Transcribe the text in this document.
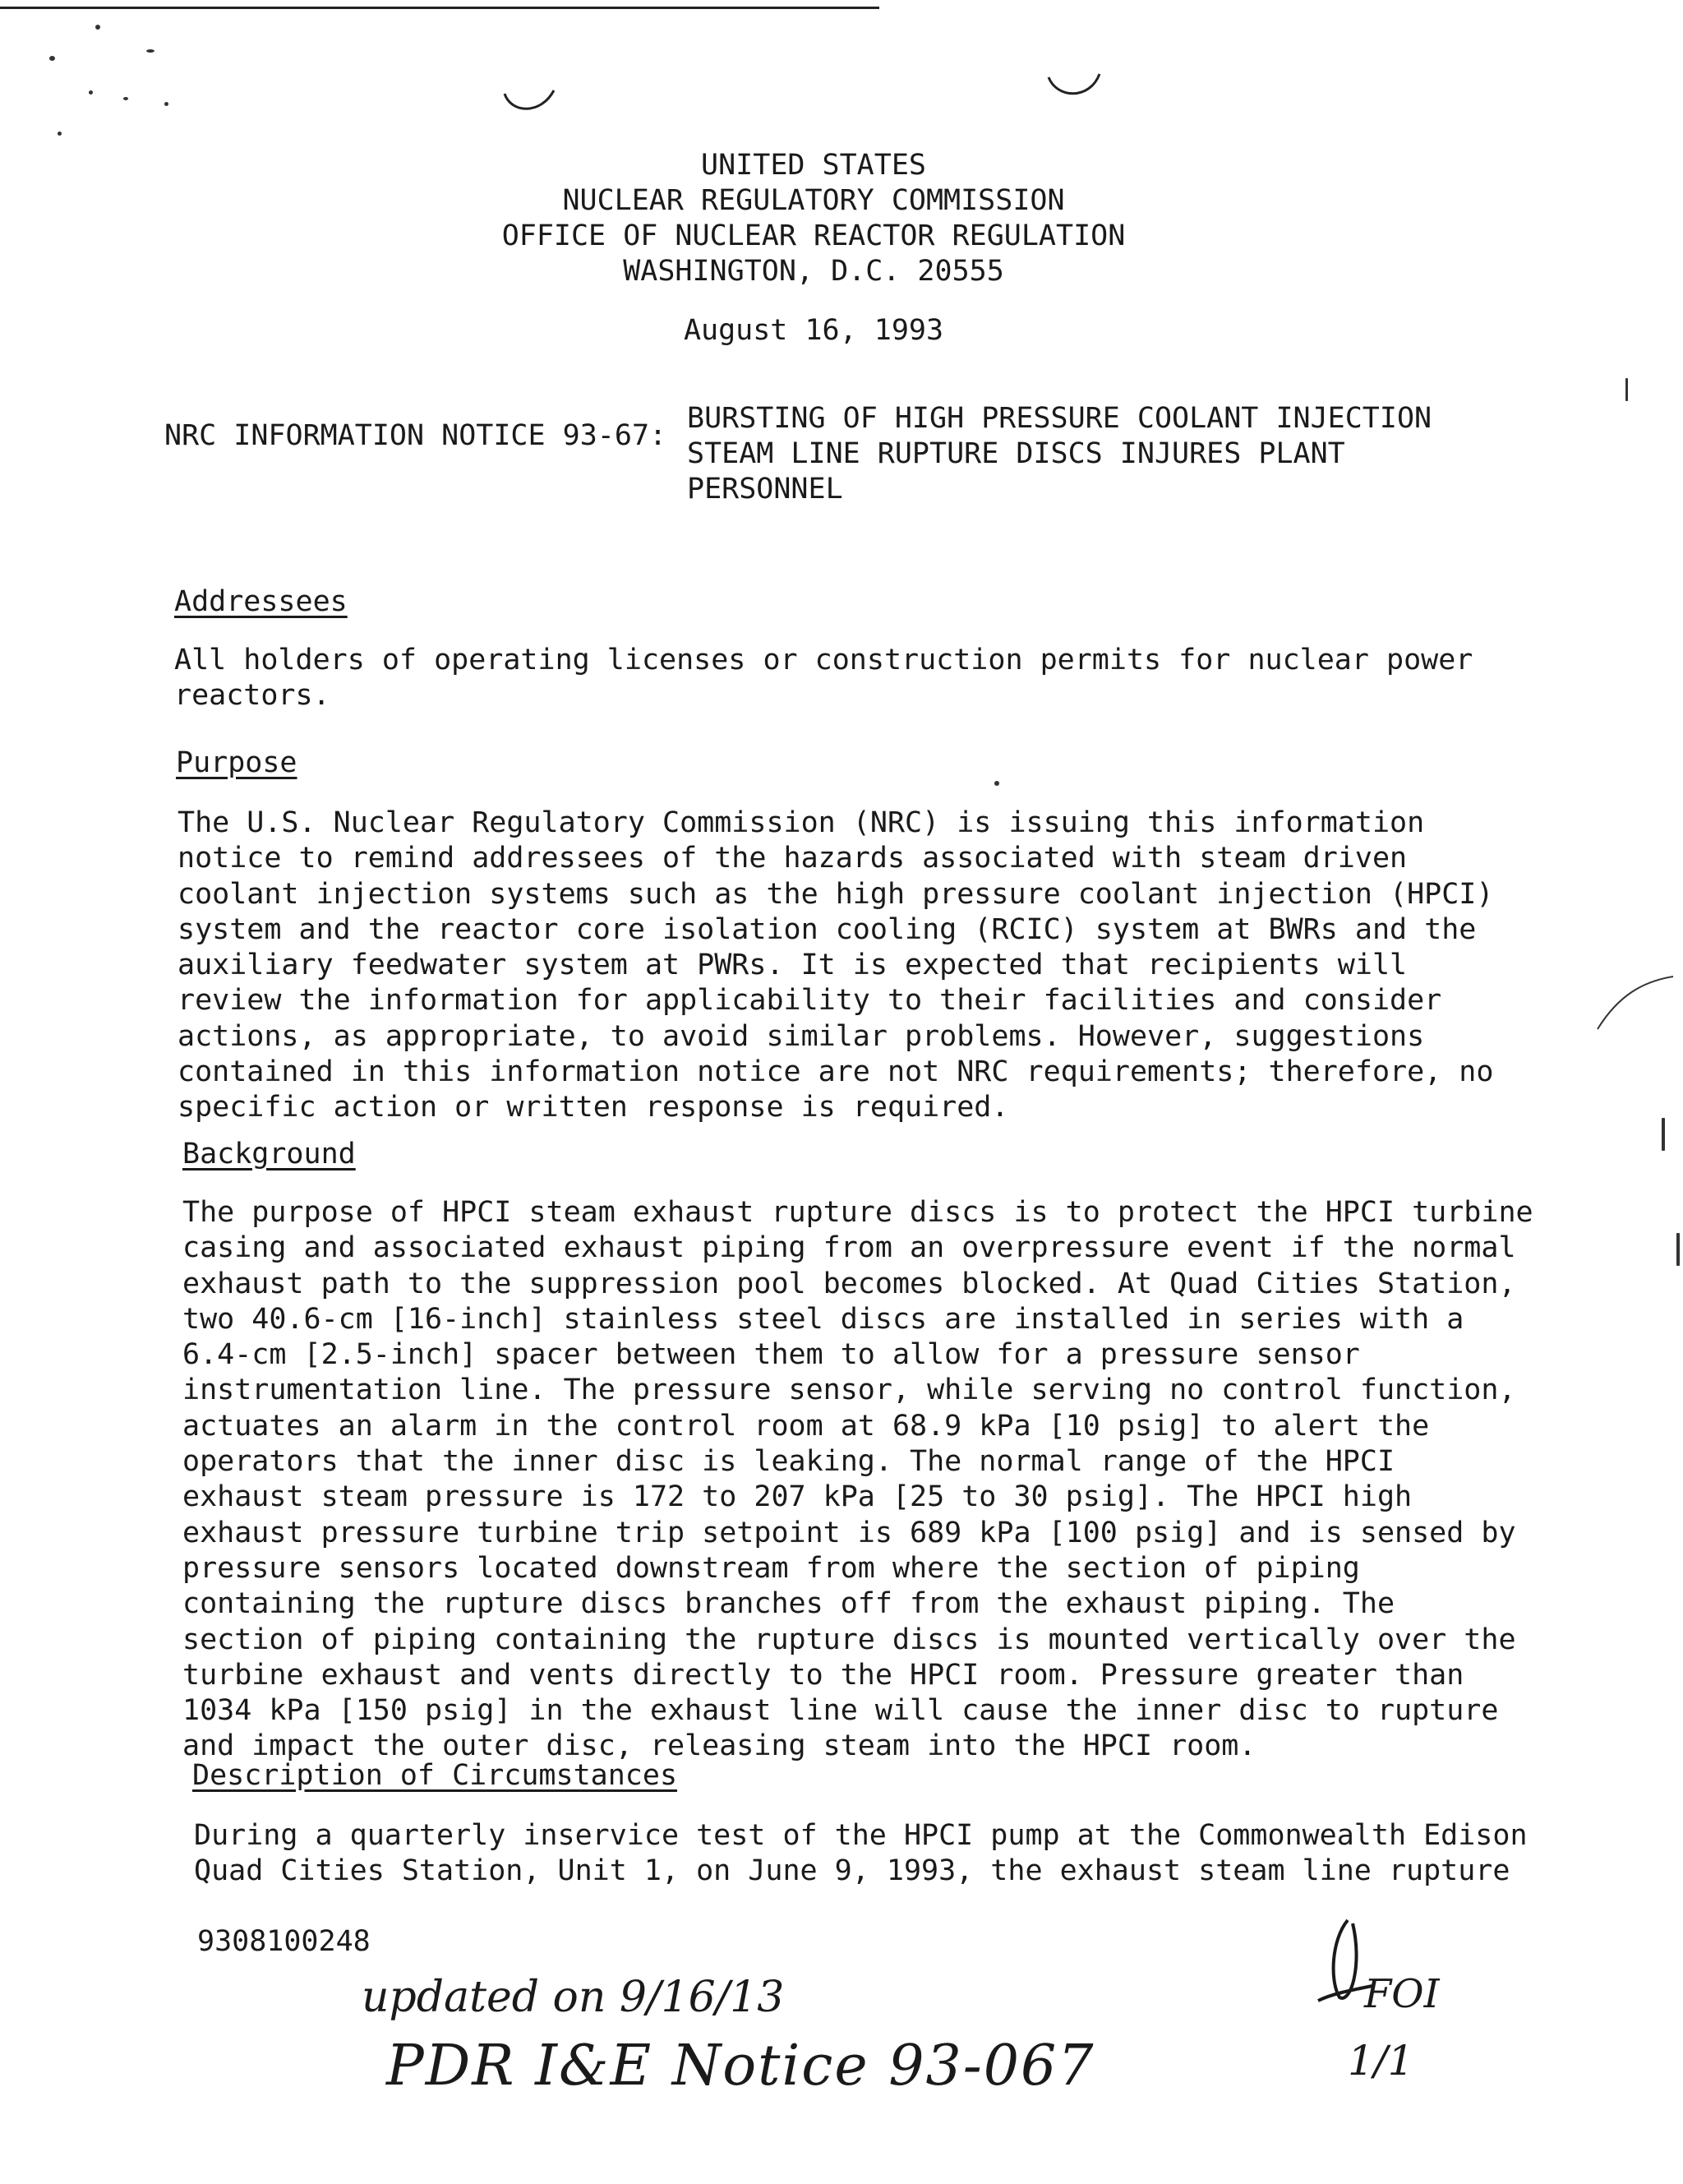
UNITED STATES
NUCLEAR REGULATORY COMMISSION
OFFICE OF NUCLEAR REACTOR REGULATION
WASHINGTON, D.C. 20555
August 16, 1993
NRC INFORMATION NOTICE 93-67:
BURSTING OF HIGH PRESSURE COOLANT INJECTION
STEAM LINE RUPTURE DISCS INJURES PLANT
PERSONNEL
Addressees
All holders of operating licenses or construction permits for nuclear power
reactors.
Purpose
The U.S. Nuclear Regulatory Commission (NRC) is issuing this information
notice to remind addressees of the hazards associated with steam driven
coolant injection systems such as the high pressure coolant injection (HPCI)
system and the reactor core isolation cooling (RCIC) system at BWRs and the
auxiliary feedwater system at PWRs. It is expected that recipients will
review the information for applicability to their facilities and consider
actions, as appropriate, to avoid similar problems. However, suggestions
contained in this information notice are not NRC requirements; therefore, no
specific action or written response is required.
Background
The purpose of HPCI steam exhaust rupture discs is to protect the HPCI turbine
casing and associated exhaust piping from an overpressure event if the normal
exhaust path to the suppression pool becomes blocked. At Quad Cities Station,
two 40.6-cm [16-inch] stainless steel discs are installed in series with a
6.4-cm [2.5-inch] spacer between them to allow for a pressure sensor
instrumentation line. The pressure sensor, while serving no control function,
actuates an alarm in the control room at 68.9 kPa [10 psig] to alert the
operators that the inner disc is leaking. The normal range of the HPCI
exhaust steam pressure is 172 to 207 kPa [25 to 30 psig]. The HPCI high
exhaust pressure turbine trip setpoint is 689 kPa [100 psig] and is sensed by
pressure sensors located downstream from where the section of piping
containing the rupture discs branches off from the exhaust piping. The
section of piping containing the rupture discs is mounted vertically over the
turbine exhaust and vents directly to the HPCI room. Pressure greater than
1034 kPa [150 psig] in the exhaust line will cause the inner disc to rupture
and impact the outer disc, releasing steam into the HPCI room.
Description of Circumstances
During a quarterly inservice test of the HPCI pump at the Commonwealth Edison
Quad Cities Station, Unit 1, on June 9, 1993, the exhaust steam line rupture
9308100248
updated on 9/16/13
PDR I&E Notice 93-067
FOI
1/1
